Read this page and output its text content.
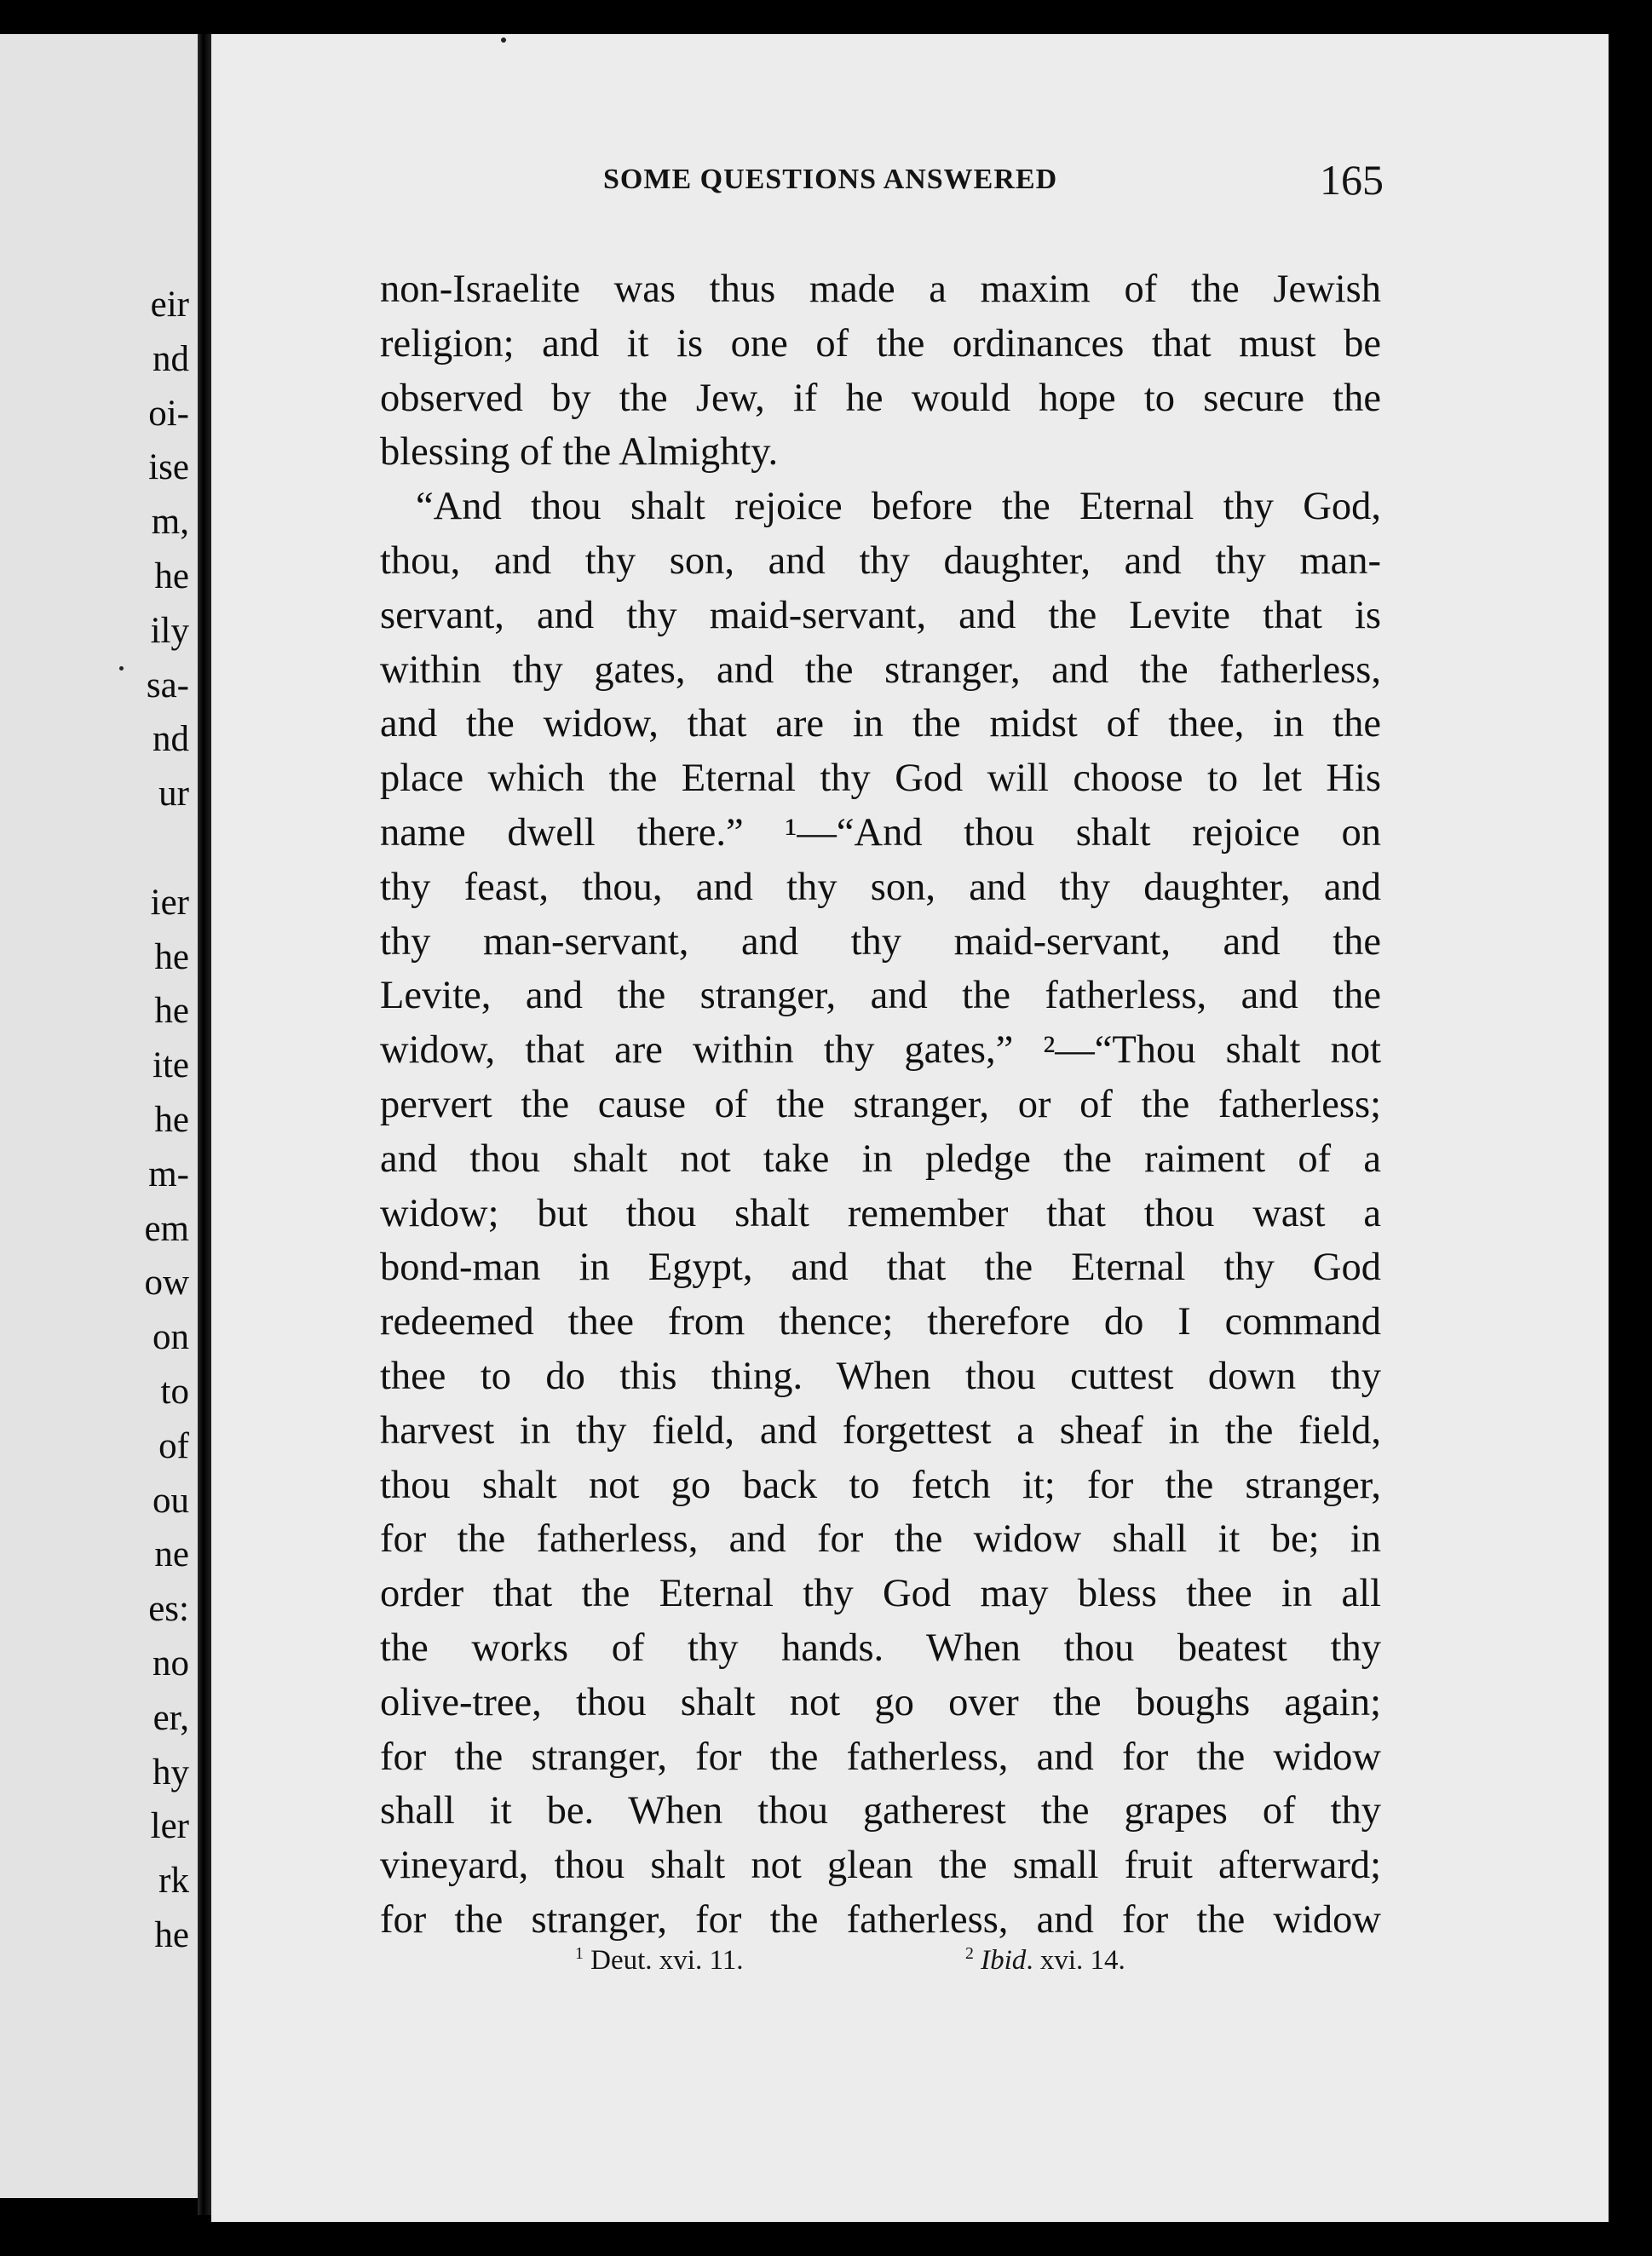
eir
nd
oi-
ise
m,
he
ily
sa-
nd
ur
ier
he
he
ite
he
m-
em
ow
on
to
of
ou
ne
es:
no
er,
hy
ler
rk
he
SOME QUESTIONS ANSWERED	165
non-Israelite was thus made a maxim of the Jewish
religion; and it is one of the ordinances that must be
observed by the Jew, if he would hope to secure the
blessing of the Almighty.
“And thou shalt rejoice before the Eternal thy God,
thou, and thy son, and thy daughter, and thy man-
servant, and thy maid-servant, and the Levite that is
within thy gates, and the stranger, and the fatherless,
and the widow, that are in the midst of thee, in the
place which the Eternal thy God will choose to let His
name dwell there.” ¹—“And thou shalt rejoice on
thy feast, thou, and thy son, and thy daughter, and
thy man-servant, and thy maid-servant, and the
Levite, and the stranger, and the fatherless, and the
widow, that are within thy gates,” ²—“Thou shalt not
pervert the cause of the stranger, or of the fatherless;
and thou shalt not take in pledge the raiment of a
widow; but thou shalt remember that thou wast a
bond-man in Egypt, and that the Eternal thy God
redeemed thee from thence; therefore do I command
thee to do this thing. When thou cuttest down thy
harvest in thy field, and forgettest a sheaf in the field,
thou shalt not go back to fetch it; for the stranger,
for the fatherless, and for the widow shall it be; in
order that the Eternal thy God may bless thee in all
the works of thy hands. When thou beatest thy
olive-tree, thou shalt not go over the boughs again;
for the stranger, for the fatherless, and for the widow
shall it be. When thou gatherest the grapes of thy
vineyard, thou shalt not glean the small fruit afterward;
for the stranger, for the fatherless, and for the widow
$^1$ Deut. xvi. 11.	$^2$ Ibid. xvi. 14.
